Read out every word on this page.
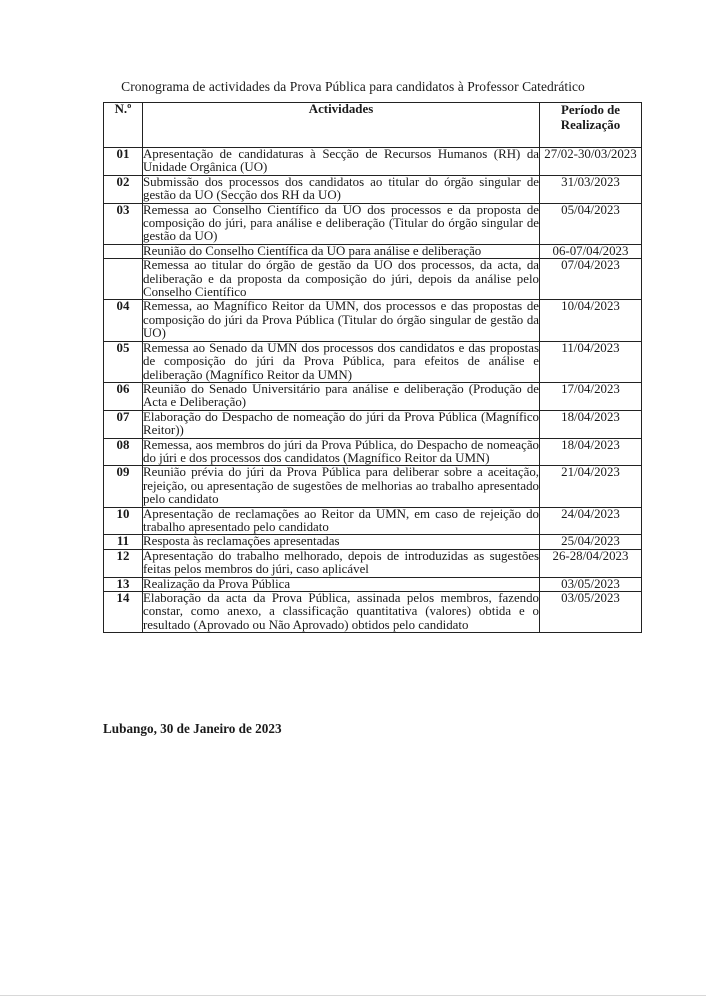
Cronograma de actividades da Prova Pública para candidatos à Professor Catedrático
N.º	Actividades	Período de
Realização

01	Apresentação de candidaturas à Secção de Recursos Humanos (RH) da Unidade Orgânica (UO)	27/02-30/03/2023
02	Submissão dos processos dos candidatos ao titular do órgão singular de gestão da UO (Secção dos RH da UO)	31/03/2023
03	Remessa ao Conselho Científico da UO dos processos e da proposta de composição do júri, para análise e deliberação (Titular do órgão singular de gestão da UO)	05/04/2023
	Reunião do Conselho Científica da UO para análise e deliberação	06-07/04/2023
	Remessa ao titular do órgão de gestão da UO dos processos, da acta, da deliberação e da proposta da composição do júri, depois da análise pelo Conselho Científico	07/04/2023
04	Remessa, ao Magnífico Reitor da UMN, dos processos e das propostas de composição do júri da Prova Pública (Titular do órgão singular de gestão da UO)	10/04/2023
05	Remessa ao Senado da UMN dos processos dos candidatos e das propostas de composição do júri da Prova Pública, para efeitos de análise e deliberação (Magnífico Reitor da UMN)	11/04/2023
06	Reunião do Senado Universitário para análise e deliberação (Produção de Acta e Deliberação)	17/04/2023
07	Elaboração do Despacho de nomeação do júri da Prova Pública (Magnífico Reitor))	18/04/2023
08	Remessa, aos membros do júri da Prova Pública, do Despacho de nomeação do júri e dos processos dos candidatos (Magnífico Reitor da UMN)	18/04/2023
09	Reunião prévia do júri da Prova Pública para deliberar sobre a aceitação, rejeição, ou apresentação de sugestões de melhorias ao trabalho apresentado pelo candidato	21/04/2023
10	Apresentação de reclamações ao Reitor da UMN, em caso de rejeição do trabalho apresentado pelo candidato	24/04/2023
11	Resposta às reclamações apresentadas	25/04/2023
12	Apresentação do trabalho melhorado, depois de introduzidas as sugestões feitas pelos membros do júri, caso aplicável	26-28/04/2023
13	Realização da Prova Pública	03/05/2023
14	Elaboração da acta da Prova Pública, assinada pelos membros, fazendo constar, como anexo, a classificação quantitativa (valores) obtida e o resultado (Aprovado ou Não Aprovado) obtidos pelo candidato	03/05/2023
Lubango, 30 de Janeiro de 2023
